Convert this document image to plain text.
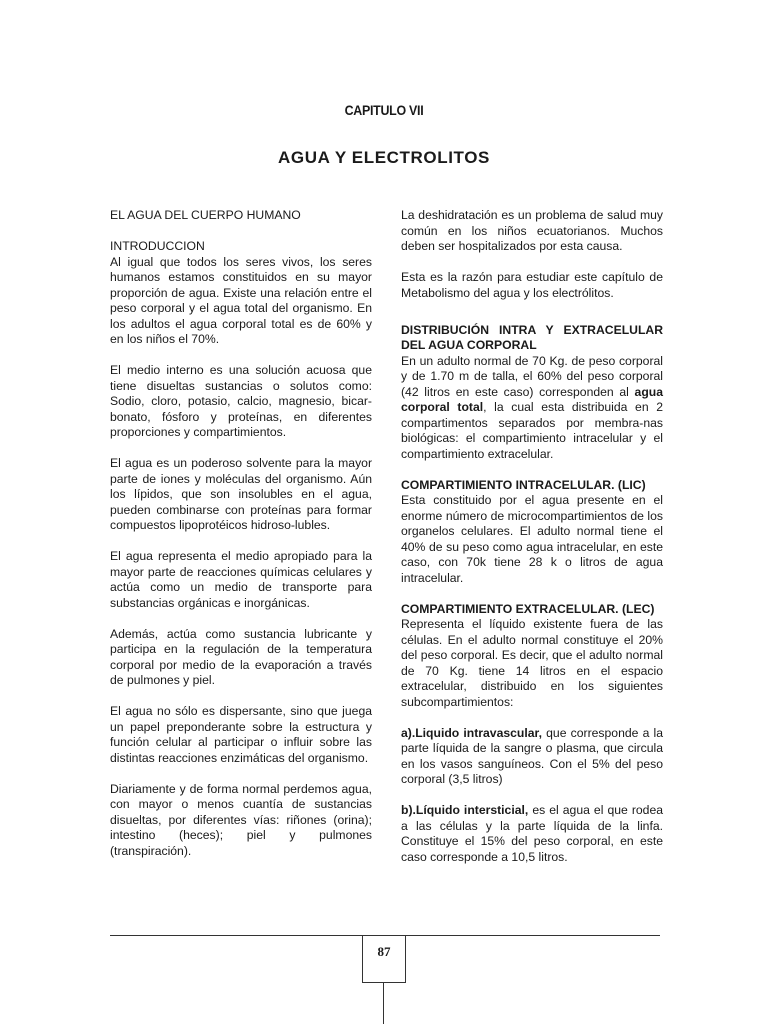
CAPITULO VII
AGUA Y ELECTROLITOS

EL AGUA DEL CUERPO HUMANO

INTRODUCCION

Al igual que todos los seres vivos, los seres humanos estamos constituidos en su mayor proporción de agua. Existe una relación entre el peso corporal y el agua total del organismo. En los adultos el agua corporal total es de 60% y en los niños el 70%.

El medio interno es una solución acuosa que tiene disueltas sustancias o solutos como: Sodio, cloro, potasio, calcio, magnesio, bicar-bonato, fósforo y proteínas, en diferentes proporciones y compartimientos.

El agua es un poderoso solvente para la mayor parte de iones y moléculas del organismo. Aún los lípidos, que son insolubles en el agua, pueden combinarse con proteínas para formar compuestos lipoprotéicos hidroso-lubles.

El agua representa el medio apropiado para la mayor parte de reacciones químicas celulares y actúa como un medio de transporte para substancias orgánicas e inorgánicas.

Además, actúa como sustancia lubricante y participa en la regulación de la temperatura corporal por medio de la evaporación a través de pulmones y piel.

El agua no sólo es dispersante, sino que juega un papel preponderante sobre la estructura y función celular al participar o influir sobre las distintas reacciones enzimáticas del organismo.

Diariamente y de forma normal perdemos agua, con mayor o menos cuantía de sustancias disueltas, por diferentes vías: riñones (orina); intestino (heces); piel y pulmones (transpiración).

La deshidratación es un problema de salud muy común en los niños ecuatorianos. Muchos deben ser hospitalizados por esta causa.

Esta es la razón para estudiar este capítulo de Metabolismo del agua y los electrólitos.

DISTRIBUCIÓN INTRA Y EXTRACELULAR DEL AGUA CORPORAL

En un adulto normal de 70 Kg. de peso corporal y de 1.70 m de talla, el 60% del peso corporal (42 litros en este caso) corresponden al agua corporal total, la cual esta distribuida en 2 compartimentos separados por membra-nas biológicas: el compartimiento intracelular y el compartimiento extracelular.

COMPARTIMIENTO INTRACELULAR. (LIC)

Esta constituido por el agua presente en el enorme número de microcompartimientos de los organelos celulares. El adulto normal tiene el 40% de su peso como agua intracelular, en este caso, con 70k tiene 28 k o litros de agua intracelular.

COMPARTIMIENTO EXTRACELULAR. (LEC)

Representa el líquido existente fuera de las células. En el adulto normal constituye el 20% del peso corporal. Es decir, que el adulto normal de 70 Kg. tiene 14 litros en el espacio extracelular, distribuido en los siguientes subcompartimientos:

a).Liquido intravascular, que corresponde a la parte líquida de la sangre o plasma, que circula en los vasos sanguíneos. Con el 5% del peso corporal (3,5 litros)

b).Líquido intersticial, es el agua el que rodea a las células y la parte líquida de la linfa. Constituye el 15% del peso corporal, en este caso corresponde a 10,5 litros.

87
